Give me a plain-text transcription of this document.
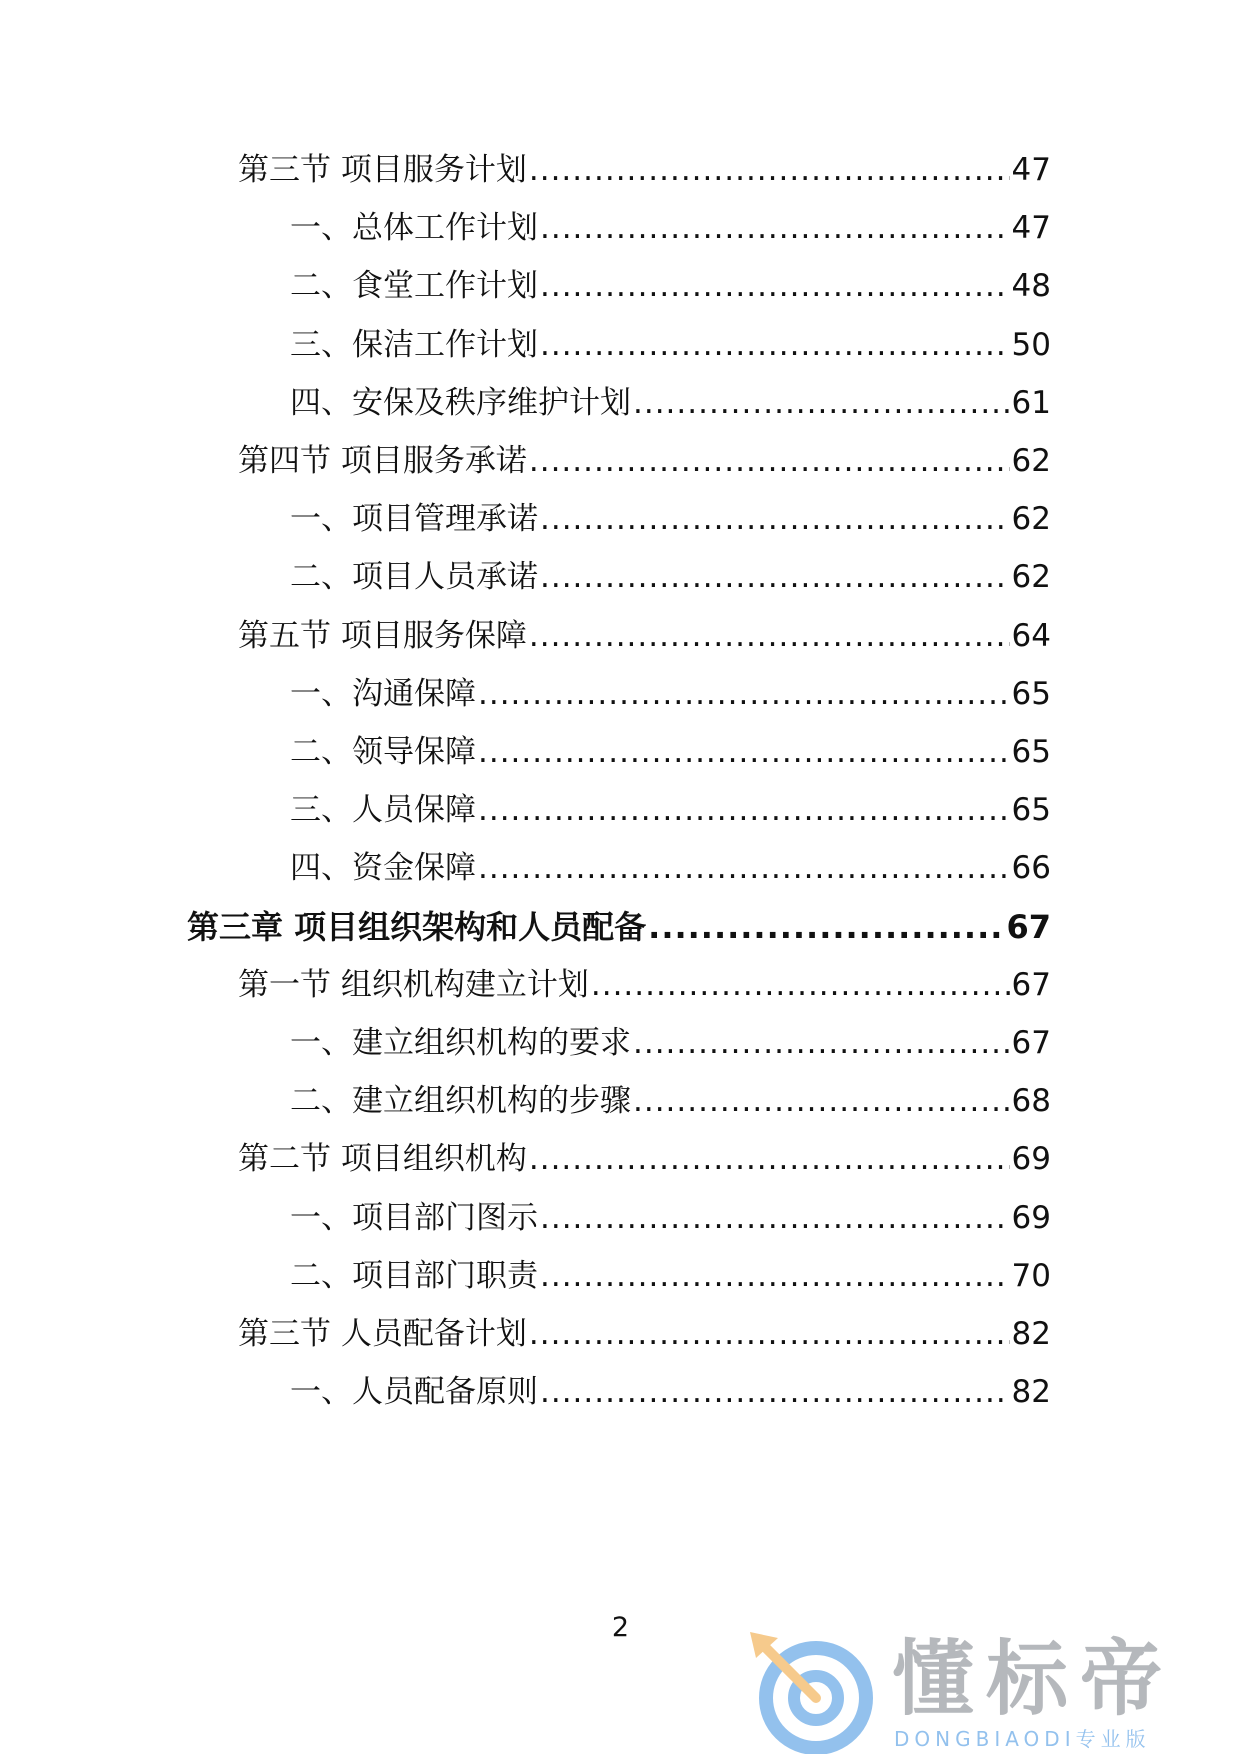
第三节 项目服务计划 .....	47
一、总体工作计划 .....	47
二、食堂工作计划 .....	48
三、保洁工作计划 .....	50
四、安保及秩序维护计划 .....	61
第四节 项目服务承诺 .....	62
一、项目管理承诺 .....	62
二、项目人员承诺 .....	62
第五节 项目服务保障 .....	64
一、沟通保障 .....	65
二、领导保障 .....	65
三、人员保障 .....	65
四、资金保障 .....	66
第三章 项目组织架构和人员配备 .....	67
第一节 组织机构建立计划 .....	67
一、建立组织机构的要求 .....	67
二、建立组织机构的步骤 .....	68
第二节 项目组织机构 .....	69
一、项目部门图示 .....	69
二、项目部门职责 .....	70
第三节 人员配备计划 .....	82
一、人员配备原则 .....	82
2
懂标帝
DONGBIAODI专业版
